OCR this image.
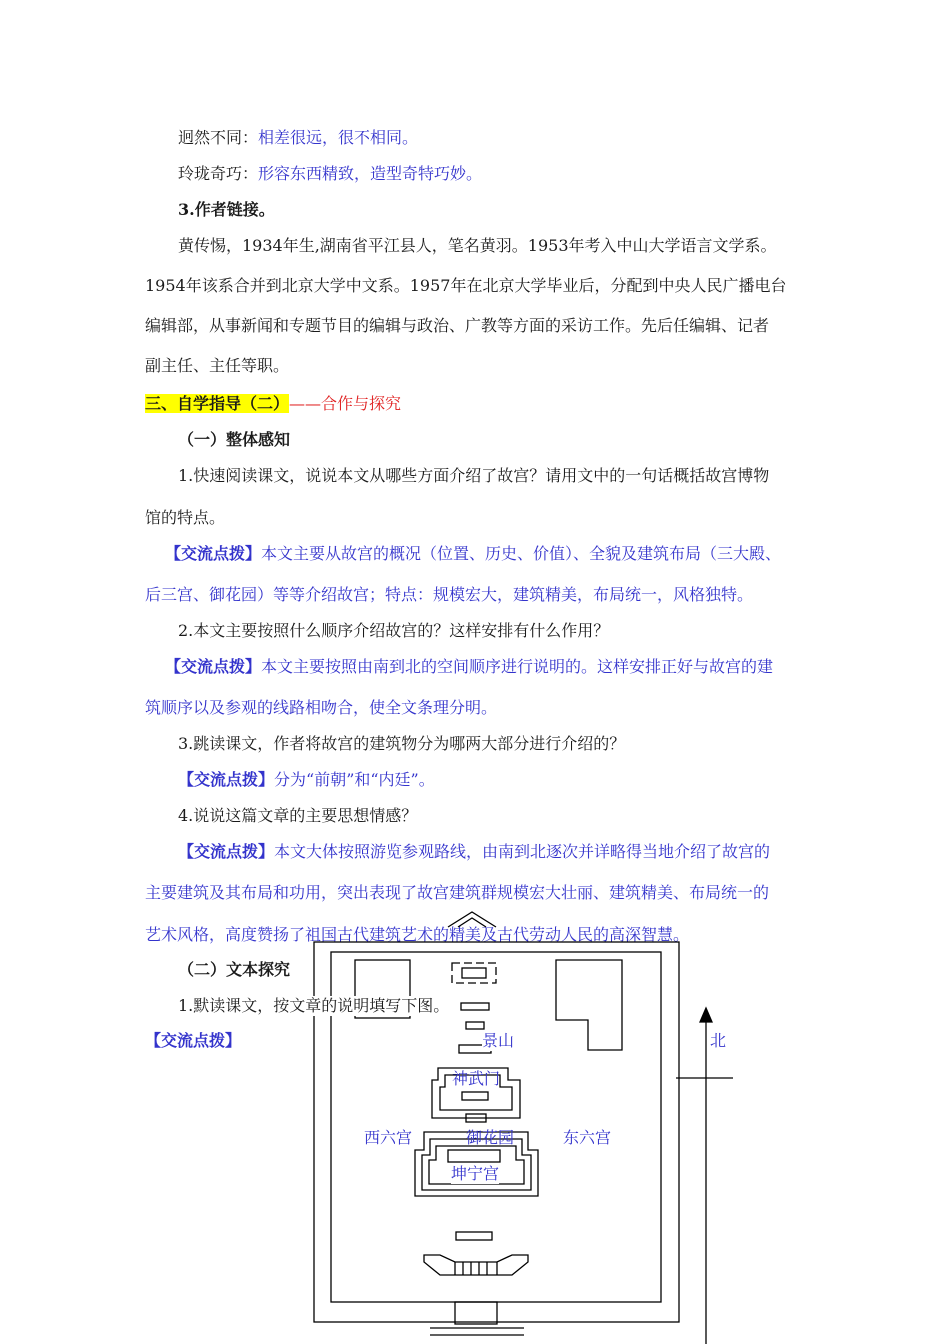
迥然不同：相差很远，很不相同。
玲珑奇巧：形容东西精致，造型奇特巧妙。
3.作者链接。
黄传惕，1934年生,湖南省平江县人，笔名黄羽。1953年考入中山大学语言文学系。
1954年该系合并到北京大学中文系。1957年在北京大学毕业后，分配到中央人民广播电台
编辑部，从事新闻和专题节目的编辑与政治、广教等方面的采访工作。先后任编辑、记者
副主任、主任等职。
三、自学指导（二）——合作与探究
（一）整体感知
1.快速阅读课文，说说本文从哪些方面介绍了故宫？请用文中的一句话概括故宫博物
馆的特点。
【交流点拨】本文主要从故宫的概况（位置、历史、价值）、全貌及建筑布局（三大殿、
后三宫、御花园）等等介绍故宫；特点：规模宏大，建筑精美，布局统一，风格独特。
2.本文主要按照什么顺序介绍故宫的？这样安排有什么作用？
【交流点拨】本文主要按照由南到北的空间顺序进行说明的。这样安排正好与故宫的建
筑顺序以及参观的线路相吻合，使全文条理分明。
3.跳读课文，作者将故宫的建筑物分为哪两大部分进行介绍的？
【交流点拨】分为“前朝”和“内廷”。
4.说说这篇文章的主要思想情感？
【交流点拨】本文大体按照游览参观路线，由南到北逐次并详略得当地介绍了故宫的
主要建筑及其布局和功用，突出表现了故宫建筑群规模宏大壮丽、建筑精美、布局统一的
艺术风格，高度赞扬了祖国古代建筑艺术的精美及古代劳动人民的高深智慧。
景山
神武门
西六宫	御花园	东六宫
坤宁宫
北
（二）文本探究
1.默读课文，按文章的说明填写下图。
【交流点拨】
